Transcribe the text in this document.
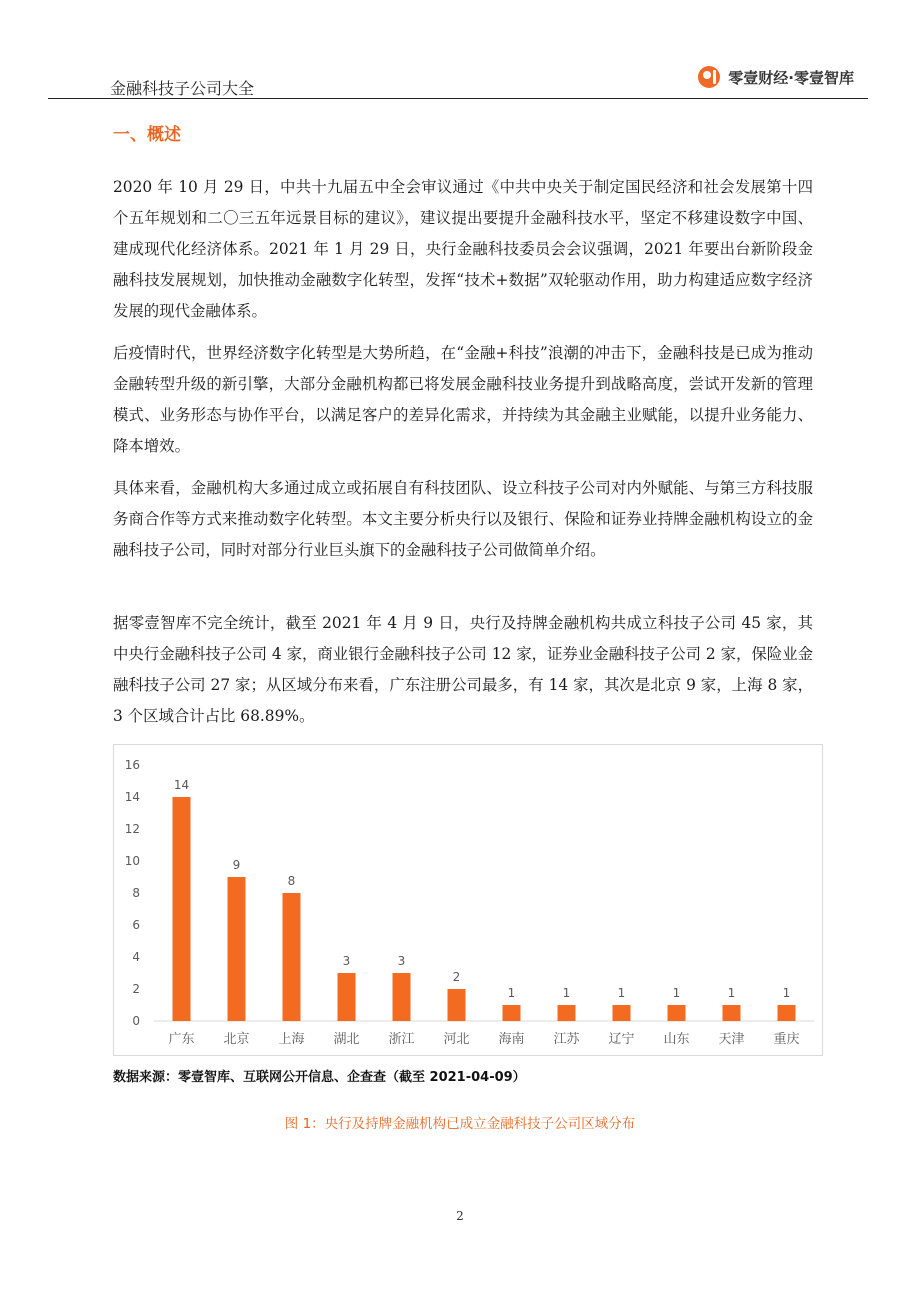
金融科技子公司大全
零壹财经·零壹智库
一、概述

2020 年 10 月 29 日，中共十九届五中全会审议通过《中共中央关于制定国民经济和社会发展第十四个五年规划和二〇三五年远景目标的建议》，建议提出要提升金融科技水平，坚定不移建设数字中国、建成现代化经济体系。2021 年 1 月 29 日，央行金融科技委员会会议强调，2021 年要出台新阶段金融科技发展规划，加快推动金融数字化转型，发挥“技术+数据”双轮驱动作用，助力构建适应数字经济发展的现代金融体系。

后疫情时代，世界经济数字化转型是大势所趋，在“金融+科技”浪潮的冲击下，金融科技是已成为推动金融转型升级的新引擎，大部分金融机构都已将发展金融科技业务提升到战略高度，尝试开发新的管理模式、业务形态与协作平台，以满足客户的差异化需求，并持续为其金融主业赋能，以提升业务能力、降本增效。

具体来看，金融机构大多通过成立或拓展自有科技团队、设立科技子公司对内外赋能、与第三方科技服务商合作等方式来推动数字化转型。本文主要分析央行以及银行、保险和证券业持牌金融机构设立的金融科技子公司，同时对部分行业巨头旗下的金融科技子公司做简单介绍。

据零壹智库不完全统计，截至 2021 年 4 月 9 日，央行及持牌金融机构共成立科技子公司 45 家，其中央行金融科技子公司 4 家，商业银行金融科技子公司 12 家，证券业金融科技子公司 2 家，保险业金融科技子公司 27 家；从区域分布来看，广东注册公司最多，有 14 家，其次是北京 9 家，上海 8 家，3 个区域合计占比 68.89%。

0
2
4
6
8
10
12
14
16
14
广东
9
北京
8
上海
3
湖北
3
浙江
2
河北
1
海南
1
江苏
1
辽宁
1
山东
1
天津
1
重庆
数据来源：零壹智库、互联网公开信息、企查查（截至 2021-04-09）
图 1：央行及持牌金融机构已成立金融科技子公司区域分布
2
